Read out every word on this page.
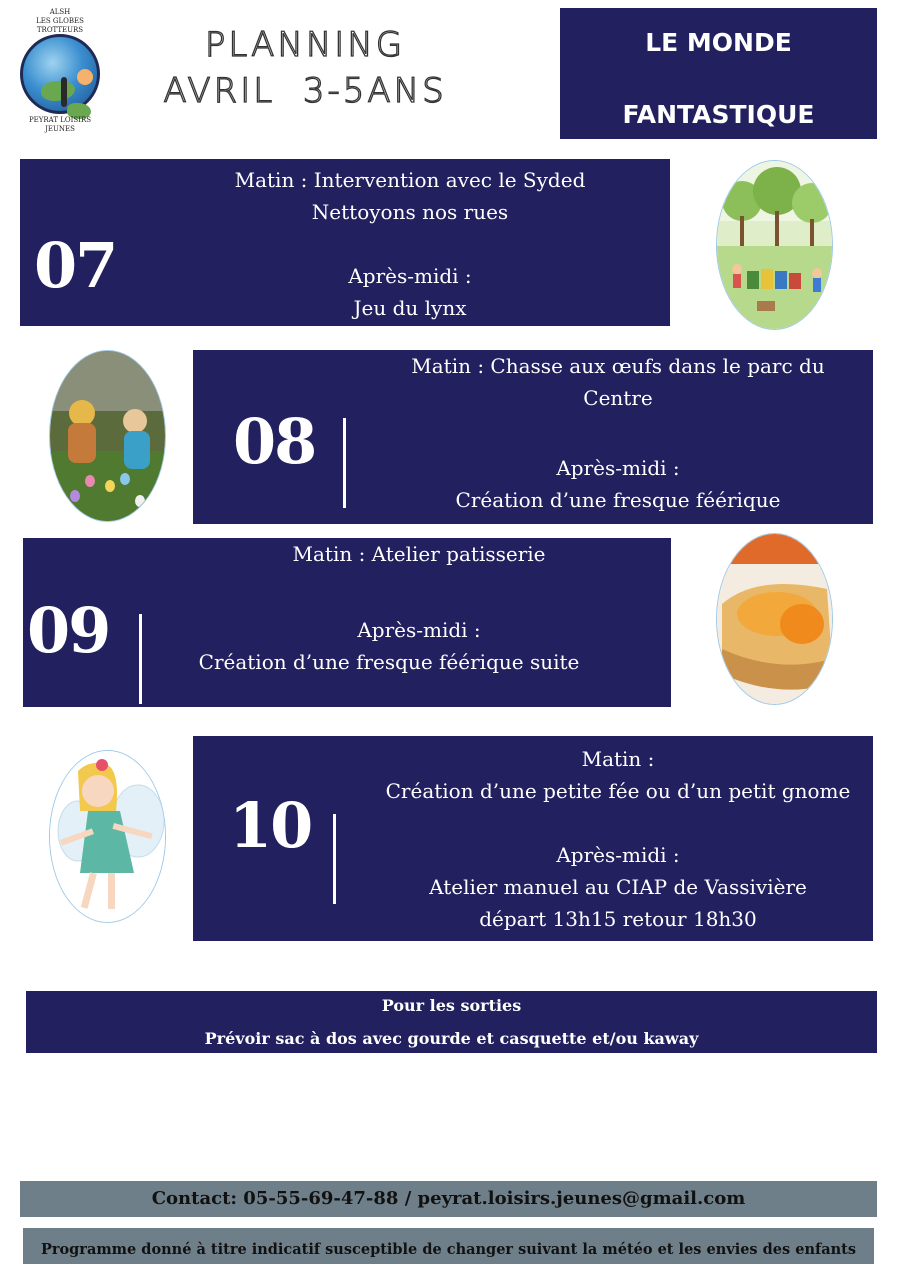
ALSH
LES GLOBES TROTTEURS
PEYRAT LOISIRS JEUNES
PLANNING
AVRIL  3-5ANS
LE MONDE
FANTASTIQUE
07
Matin : Intervention avec le Syded
Nettoyons nos rues
Après-midi :
Jeu du lynx
08
Matin : Chasse aux œufs dans le parc du
Centre
Après-midi :
Création d’une fresque féérique
09
Matin : Atelier patisserie
Après-midi :
Création d’une fresque féérique suite
10
Matin :
Création d’une petite fée ou d’un petit gnome
Après-midi :
Atelier manuel au CIAP de Vassivière
départ 13h15 retour 18h30
Pour les sorties
Prévoir sac à dos avec gourde et casquette et/ou kaway
Contact: 05-55-69-47-88 / peyrat.loisirs.jeunes@gmail.com
Programme donné à titre indicatif susceptible de changer suivant la météo et les envies des enfants
